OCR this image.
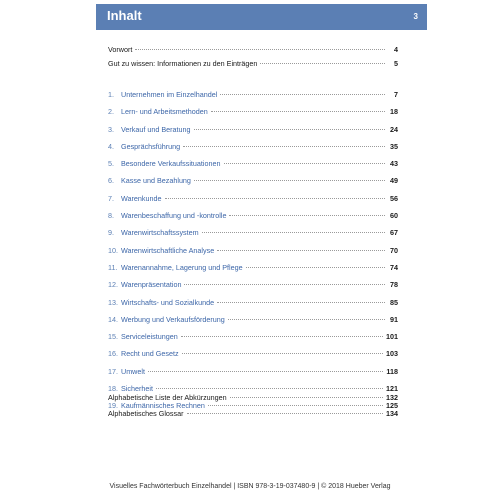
Inhalt	3
Vorwort	4
Gut zu wissen: Informationen zu den Einträgen	5
1. Unternehmen im Einzelhandel	7
2. Lern- und Arbeitsmethoden	18
3. Verkauf und Beratung	24
4. Gesprächsführung	35
5. Besondere Verkaufssituationen	43
6. Kasse und Bezahlung	49
7. Warenkunde	56
8. Warenbeschaffung und -kontrolle	60
9. Warenwirtschaftssystem	67
10. Warenwirtschaftliche Analyse	70
11. Warenannahme, Lagerung und Pflege	74
12. Warenpräsentation	78
13. Wirtschafts- und Sozialkunde	85
14. Werbung und Verkaufsförderung	91
15. Serviceleistungen	101
16. Recht und Gesetz	103
17. Umwelt	118
18. Sicherheit	121
19. Kaufmännisches Rechnen	125
Alphabetische Liste der Abkürzungen	132
Alphabetisches Glossar	134
Visuelles Fachwörterbuch Einzelhandel | ISBN 978-3-19-037480-9 | © 2018 Hueber Verlag
